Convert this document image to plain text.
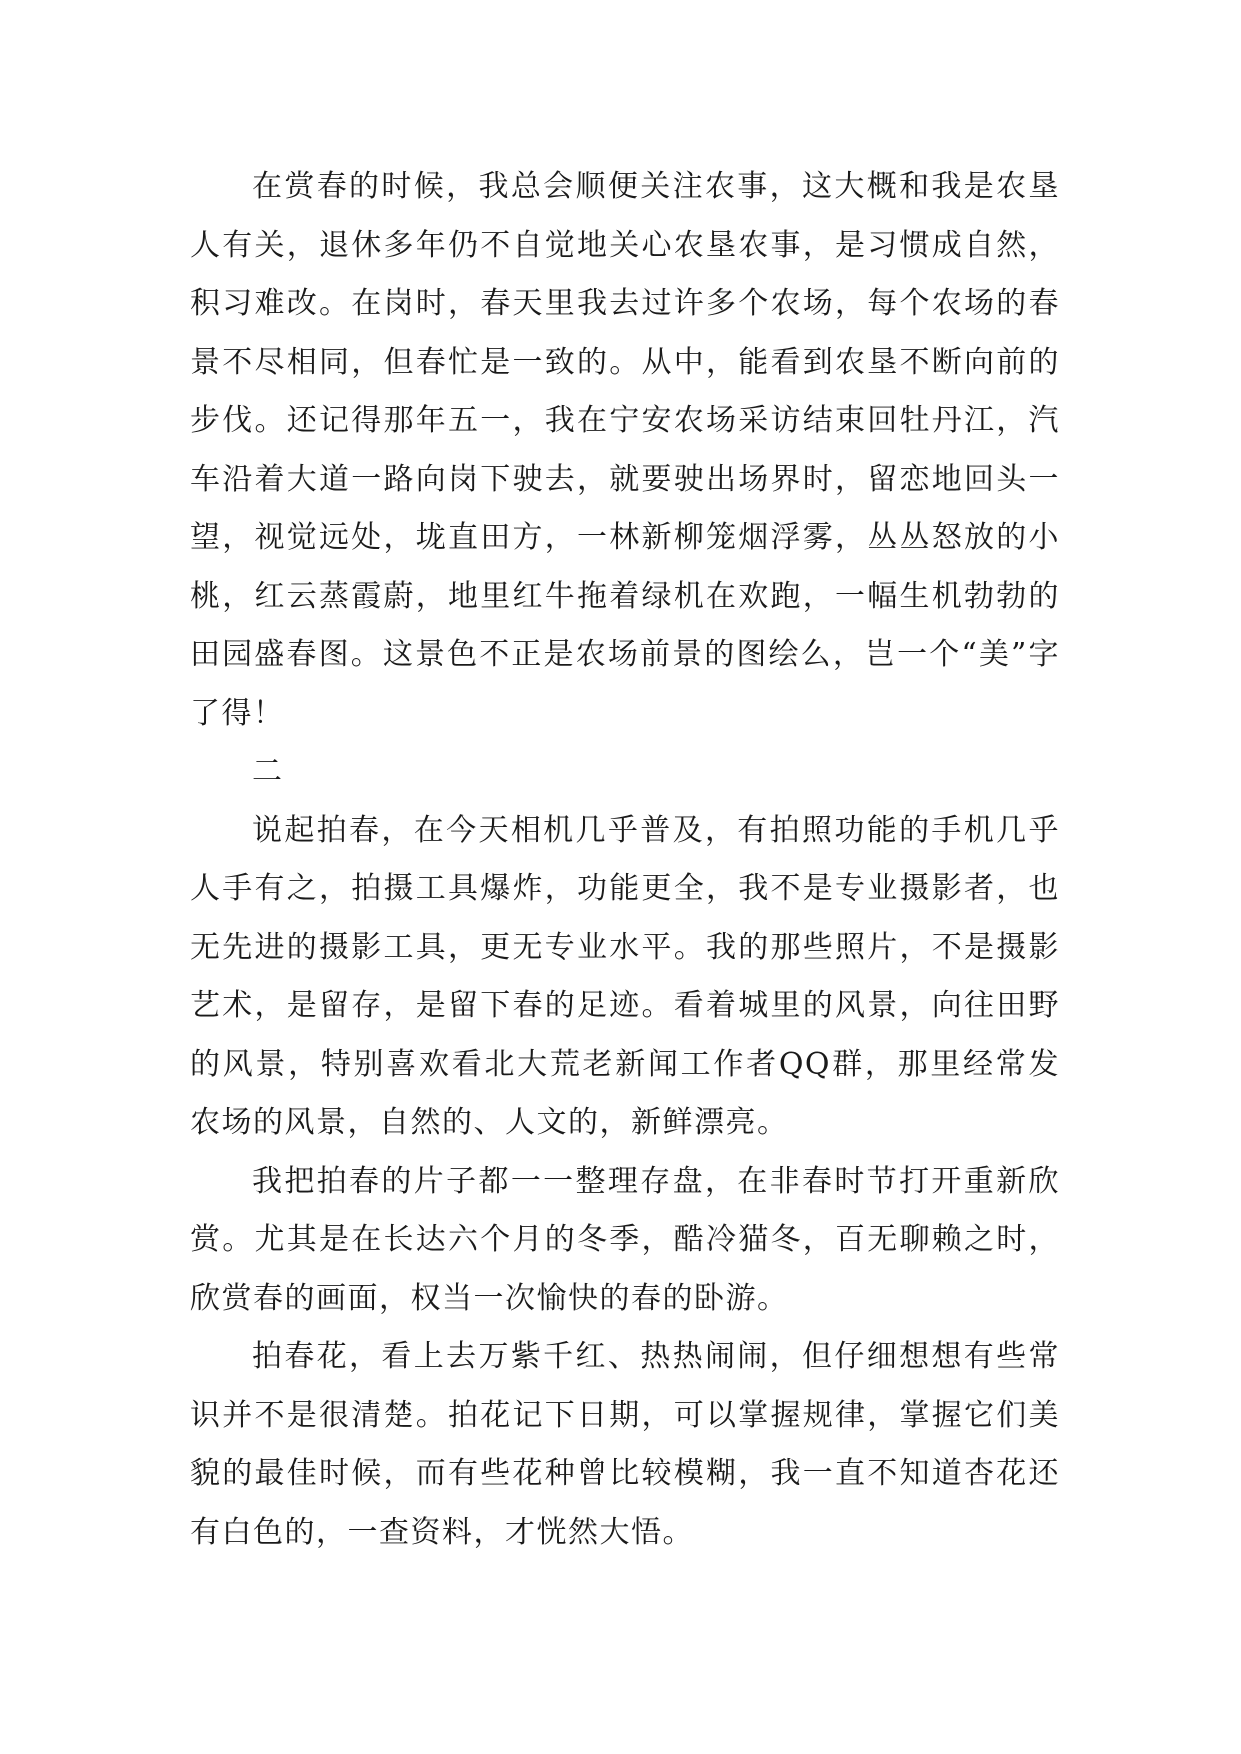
在赏春的时候，我总会顺便关注农事，这大概和我是农垦人有关，退休多年仍不自觉地关心农垦农事，是习惯成自然，积习难改。在岗时，春天里我去过许多个农场，每个农场的春景不尽相同，但春忙是一致的。从中，能看到农垦不断向前的步伐。还记得那年五一，我在宁安农场采访结束回牡丹江，汽车沿着大道一路向岗下驶去，就要驶出场界时，留恋地回头一望，视觉远处，垅直田方，一林新柳笼烟浮雾，丛丛怒放的小桃，红云蒸霞蔚，地里红牛拖着绿机在欢跑，一幅生机勃勃的田园盛春图。这景色不正是农场前景的图绘么，岂一个“美”字了得！

二

说起拍春，在今天相机几乎普及，有拍照功能的手机几乎人手有之，拍摄工具爆炸，功能更全，我不是专业摄影者，也无先进的摄影工具，更无专业水平。我的那些照片，不是摄影艺术，是留存，是留下春的足迹。看着城里的风景，向往田野的风景，特别喜欢看北大荒老新闻工作者QQ群，那里经常发农场的风景，自然的、人文的，新鲜漂亮。

我把拍春的片子都一一整理存盘，在非春时节打开重新欣赏。尤其是在长达六个月的冬季，酷冷猫冬，百无聊赖之时，欣赏春的画面，权当一次愉快的春的卧游。

拍春花，看上去万紫千红、热热闹闹，但仔细想想有些常识并不是很清楚。拍花记下日期，可以掌握规律，掌握它们美貌的最佳时候，而有些花种曾比较模糊，我一直不知道杏花还有白色的，一查资料，才恍然大悟。
